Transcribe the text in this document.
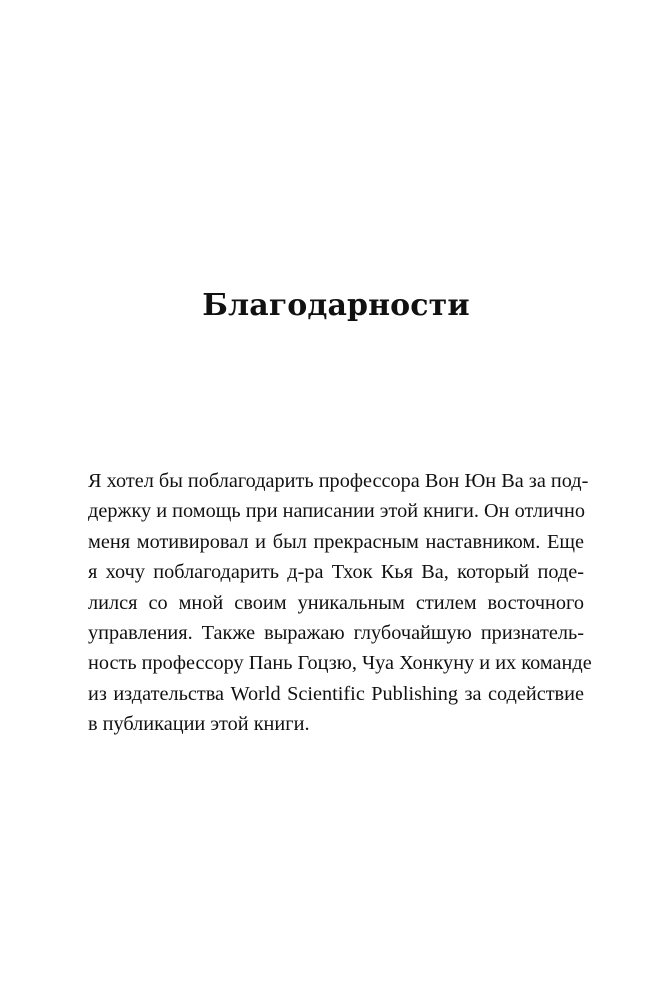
Благодарности
Я хотел бы поблагодарить профессора Вон Юн Ва за под-
держку и помощь при написании этой книги. Он отлично
меня мотивировал и был прекрасным наставником. Еще
я хочу поблагодарить д-ра Тхок Кья Ва, который поде-
лился со мной своим уникальным стилем восточного
управления. Также выражаю глубочайшую признатель-
ность профессору Пань Гоцзю, Чуа Хонкуну и их команде
из издательства World Scientific Publishing за содействие
в публикации этой книги.
